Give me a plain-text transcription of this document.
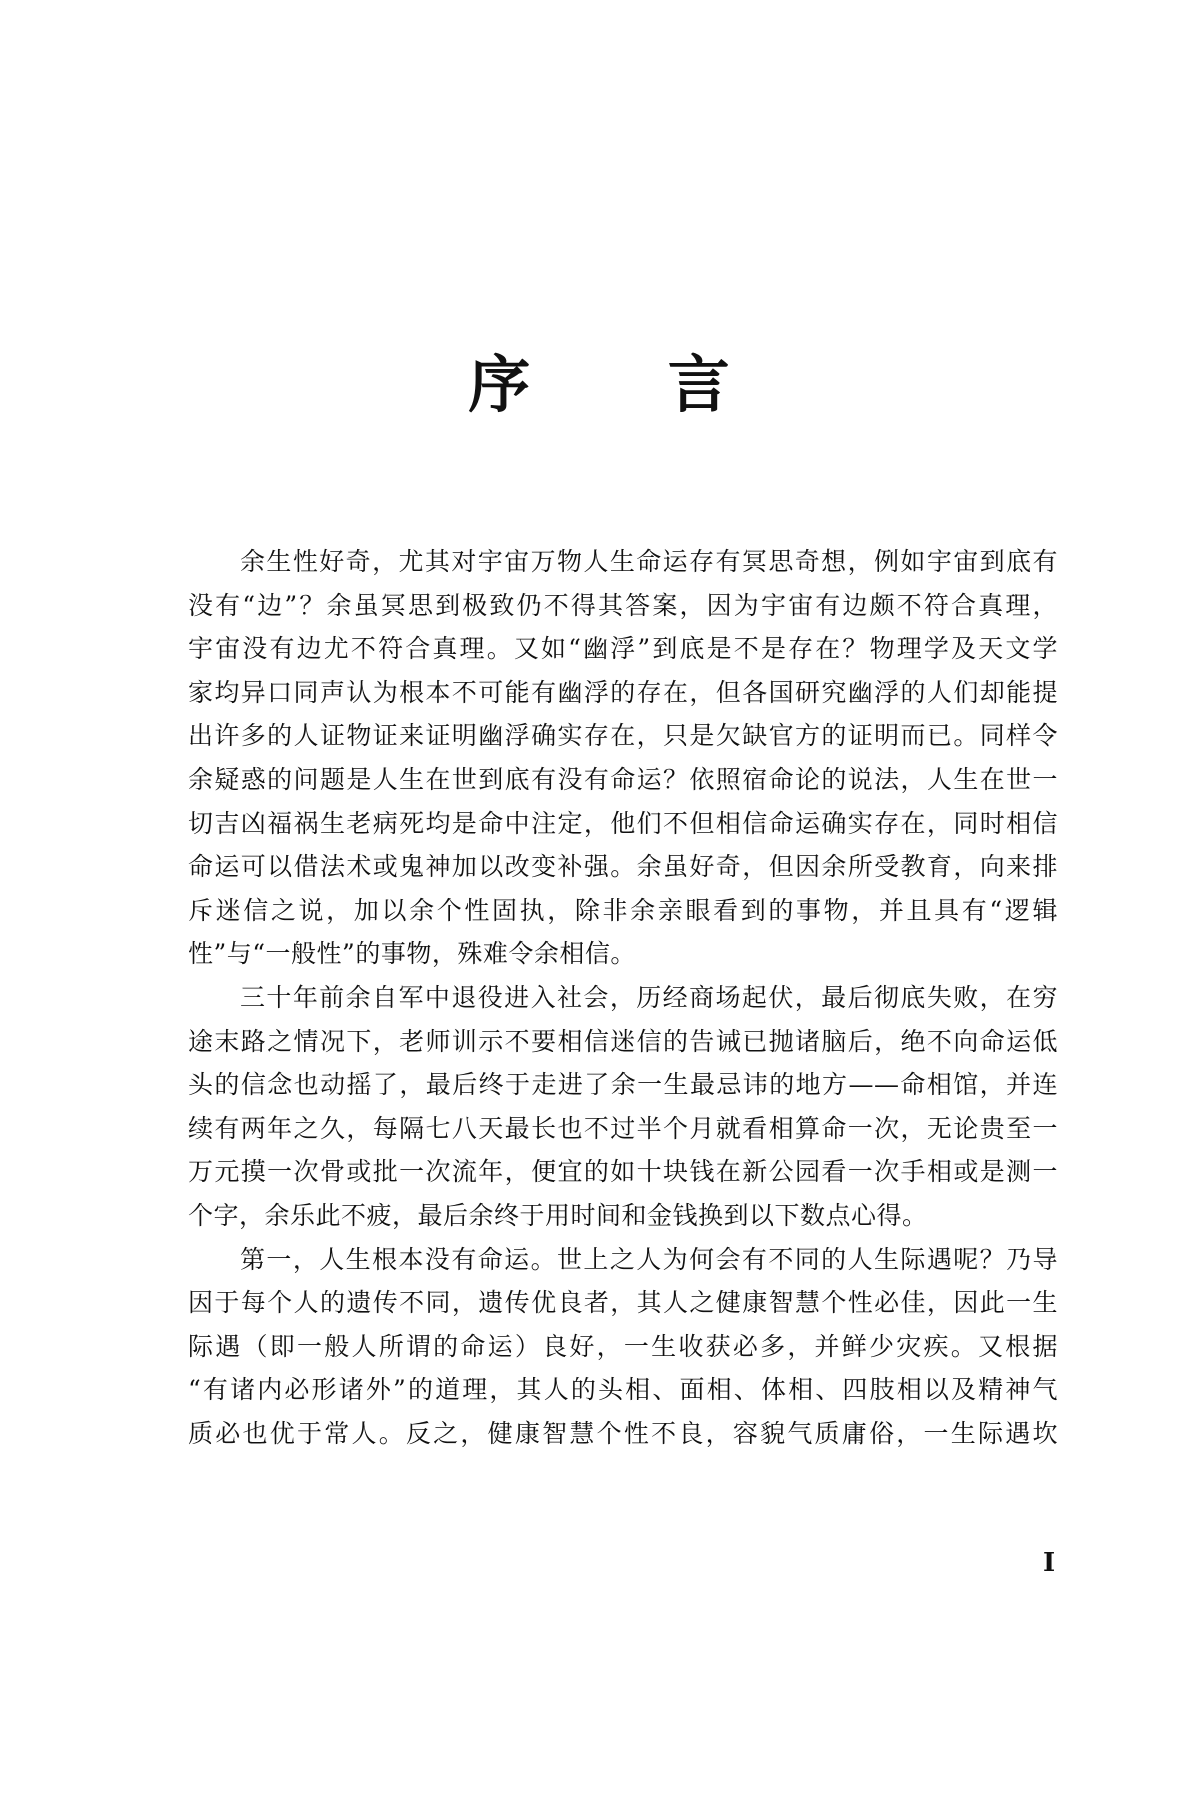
序 言
余生性好奇，尤其对宇宙万物人生命运存有冥思奇想，例如宇宙到底有
没有“边”？余虽冥思到极致仍不得其答案，因为宇宙有边颇不符合真理，
宇宙没有边尤不符合真理。又如“幽浮”到底是不是存在？物理学及天文学
家均异口同声认为根本不可能有幽浮的存在，但各国研究幽浮的人们却能提
出许多的人证物证来证明幽浮确实存在，只是欠缺官方的证明而已。同样令
余疑惑的问题是人生在世到底有没有命运？依照宿命论的说法，人生在世一
切吉凶福祸生老病死均是命中注定，他们不但相信命运确实存在，同时相信
命运可以借法术或鬼神加以改变补强。余虽好奇，但因余所受教育，向来排
斥迷信之说，加以余个性固执，除非余亲眼看到的事物，并且具有“逻辑
性”与“一般性”的事物，殊难令余相信。
三十年前余自军中退役进入社会，历经商场起伏，最后彻底失败，在穷
途末路之情况下，老师训示不要相信迷信的告诫已抛诸脑后，绝不向命运低
头的信念也动摇了，最后终于走进了余一生最忌讳的地方——命相馆，并连
续有两年之久，每隔七八天最长也不过半个月就看相算命一次，无论贵至一
万元摸一次骨或批一次流年，便宜的如十块钱在新公园看一次手相或是测一
个字，余乐此不疲，最后余终于用时间和金钱换到以下数点心得。
第一，人生根本没有命运。世上之人为何会有不同的人生际遇呢？乃导
因于每个人的遗传不同，遗传优良者，其人之健康智慧个性必佳，因此一生
际遇（即一般人所谓的命运）良好，一生收获必多，并鲜少灾疾。又根据
“有诸内必形诸外”的道理，其人的头相、面相、体相、四肢相以及精神气
质必也优于常人。反之，健康智慧个性不良，容貌气质庸俗，一生际遇坎
I
